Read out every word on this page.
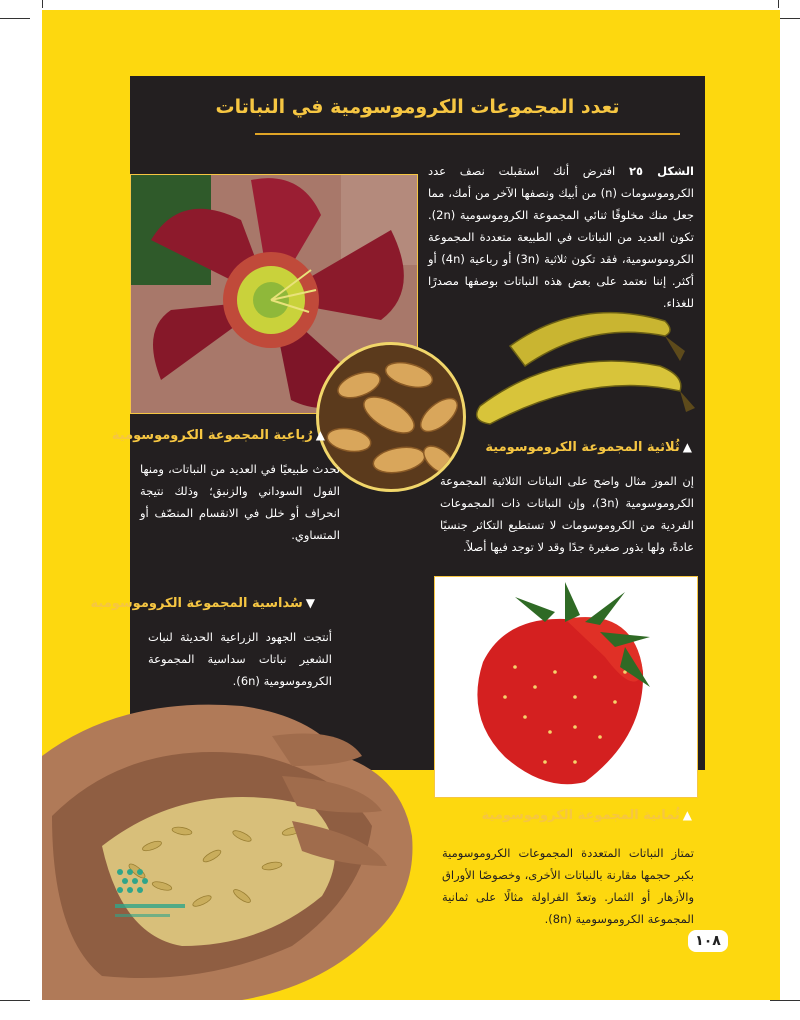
تعدد المجموعات الكروموسومية في النباتات
الشكل ٢٥ افترض أنك استقبلت نصف عدد الكروموسومات (n) من أبيك ونصفها الآخر من أمك، مما جعل منك مخلوقًا ثنائي المجموعة الكروموسومية (2n). تكون العديد من النباتات في الطبيعة متعددة المجموعة الكروموسومية، فقد تكون ثلاثية (3n) أو رباعية (4n) أو أكثر. إننا نعتمد على بعض هذه النباتات بوصفها مصدرًا للغذاء.
▲رُباعية المجموعة الكروموسومية
تحدث طبيعيًا في العديد من النباتات، ومنها الفول السوداني والزنبق؛ وذلك نتيجة انحراف أو خلل في الانقسام المنصّف أو المتساوي.
▲ثُلاثية المجموعة الكروموسومية
إن الموز مثال واضح على النباتات الثلاثية المجموعة الكروموسومية (3n)، وإن النباتات ذات المجموعات الفردية من الكروموسومات لا تستطيع التكاثر جنسيًا عادةً، ولها بذور صغيرة جدًا وقد لا توجد فيها أصلاً.
▼سُداسية المجموعة الكروموسومية
أنتجت الجهود الزراعية الحديثة لنبات الشعير نباتات سداسية المجموعة الكروموسومية (6n).
▲ثُمانية المجموعة الكروموسومية
تمتاز النباتات المتعددة المجموعات الكروموسومية بكبر حجمها مقارنة بالنباتات الأخرى، وخصوصًا الأوراق والأزهار أو الثمار. وتعدّ الفراولة مثالًا على ثمانية المجموعة الكروموسومية (8n).
١٠٨
